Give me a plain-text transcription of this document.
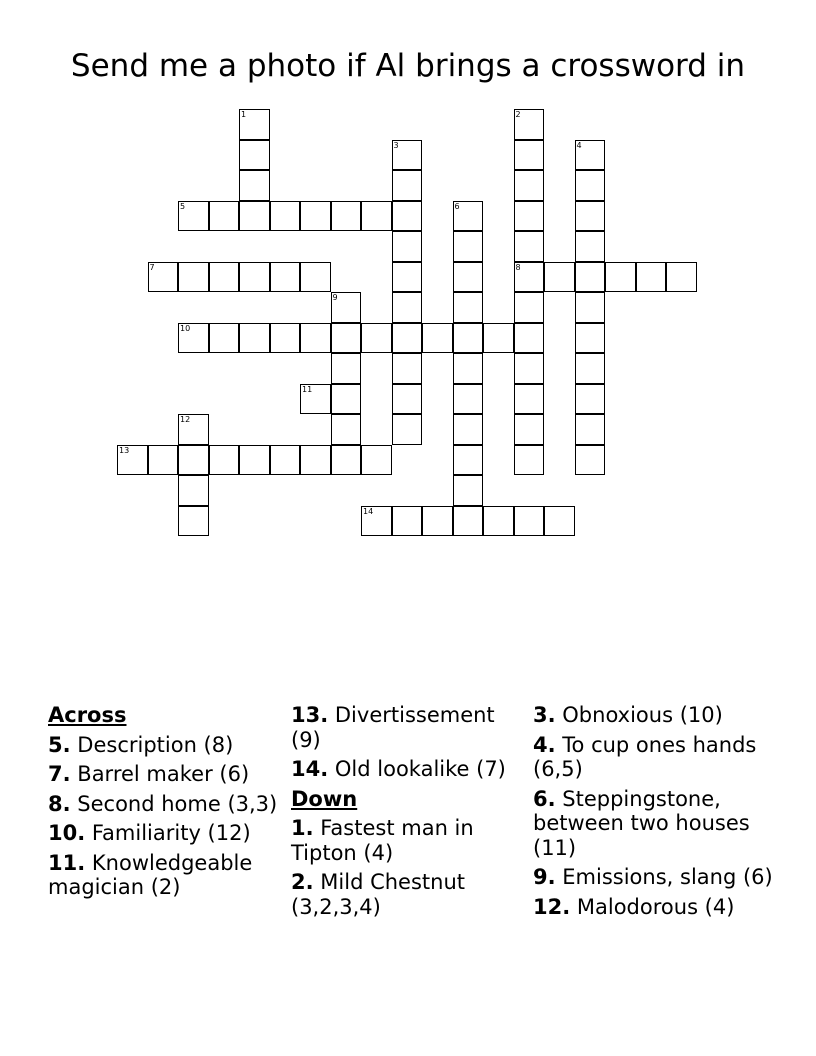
Send me a photo if Al brings a crossword in
1	2
8
3	4
5	6
7
9
10
11
12
13
14
Across
5. Description (8)
7. Barrel maker (6)
8. Second home (3,3)
10. Familiarity (12)
11. Knowledgeable magician (2)
13. Divertissement (9)
14. Old lookalike (7)
Down
1. Fastest man in Tipton (4)
2. Mild Chestnut (3,2,3,4)
3. Obnoxious (10)
4. To cup ones hands (6,5)
6. Steppingstone, between two houses (11)
9. Emissions, slang (6)
12. Malodorous (4)
